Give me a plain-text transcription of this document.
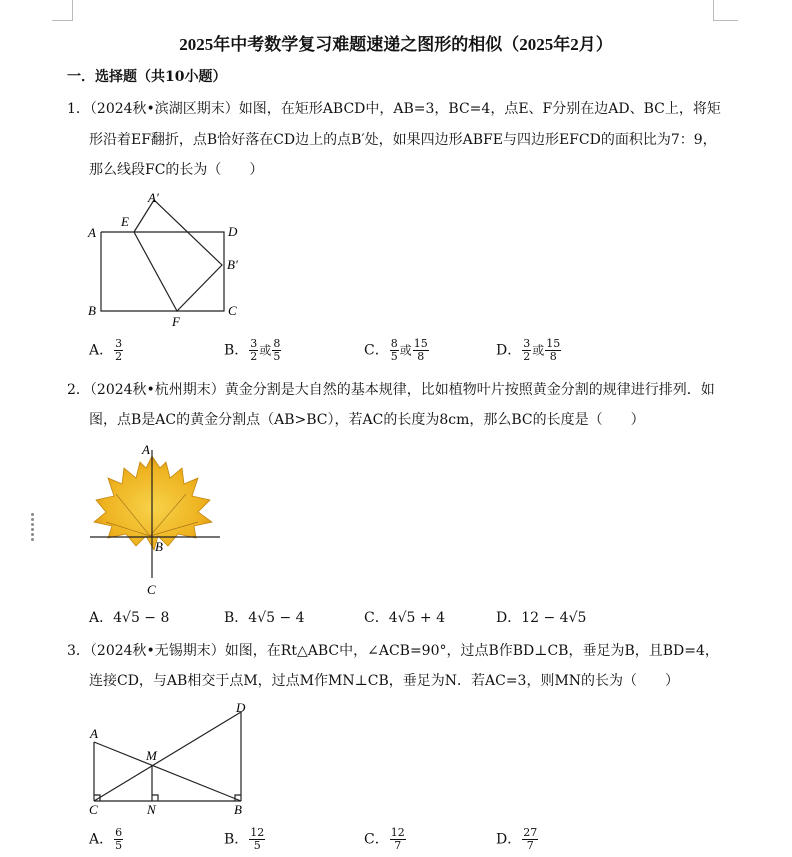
2025年中考数学复习难题速递之图形的相似（2025年2月）
一．选择题（共10小题）
1．（2024秋•滨湖区期末）如图，在矩形ABCD中，AB=3，BC=4，点E、F分别在边AD、BC上，将矩
形沿着EF翻折，点B恰好落在CD边上的点B′处，如果四边形ABFE与四边形EFCD的面积比为7：9，
那么线段FC的长为（　　）
A
A′
E
D
B′
B
F
C
A． $\frac{3}{2}$	B． $\frac{3}{2}$ 或 $\frac{8}{5}$	C． $\frac{8}{5}$ 或 $\frac{15}{8}$	D． $\frac{3}{2}$ 或 $\frac{15}{8}$
2．（2024秋•杭州期末）黄金分割是大自然的基本规律，比如植物叶片按照黄金分割的规律进行排列．如
图，点B是AC的黄金分割点（AB>BC），若AC的长度为8cm，那么BC的长度是（　　）
A
B
C
A．4√5 − 8	B．4√5 − 4	C．4√5 + 4	D．12 − 4√5
3．（2024秋•无锡期末）如图，在Rt△ABC中，∠ACB=90°，过点B作BD⊥CB，垂足为B，且BD=4，
连接CD，与AB相交于点M，过点M作MN⊥CB，垂足为N．若AC=3，则MN的长为（　　）
A
D
M
C	N	B
A． $\frac{6}{5}$	B． $\frac{12}{5}$	C． $\frac{12}{7}$	D． $\frac{27}{7}$
